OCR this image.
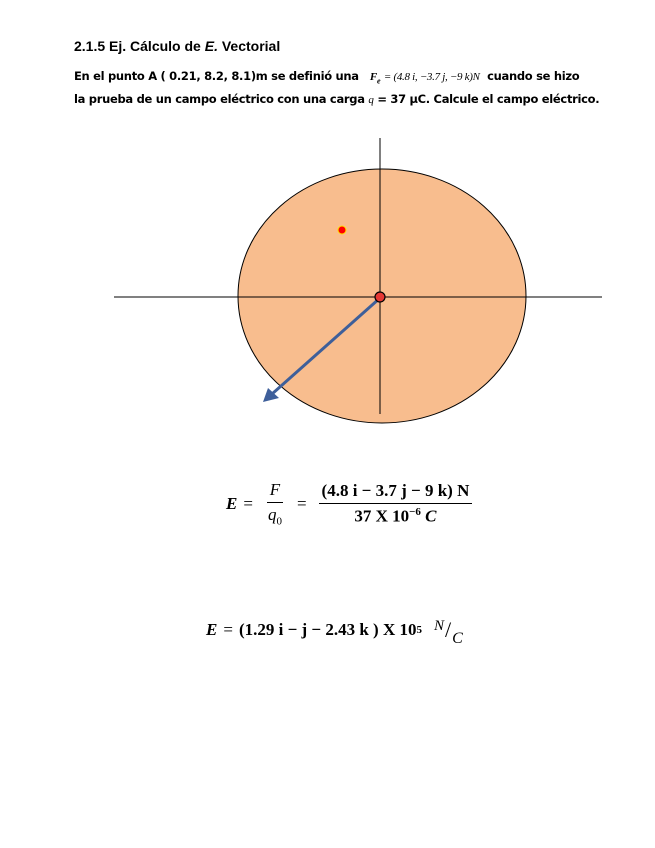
2.1.5 Ej. Cálculo de E. Vectorial
En el punto A ( 0.21, 8.2, 8.1)m se definió una $F_e = (4.8$ i, −3.7 j, −9 k)N cuando se hizo
la prueba de un campo eléctrico con una carga q = 37 µC. Calcule el campo eléctrico.
$E = \frac{F}{q_0} = \frac{(4.8 i - 3.7 j - 9 k) N}{37 X 10^{-6} C}$
E = (1.29 i − j − 2.43 k ) X 10 5 N/C
